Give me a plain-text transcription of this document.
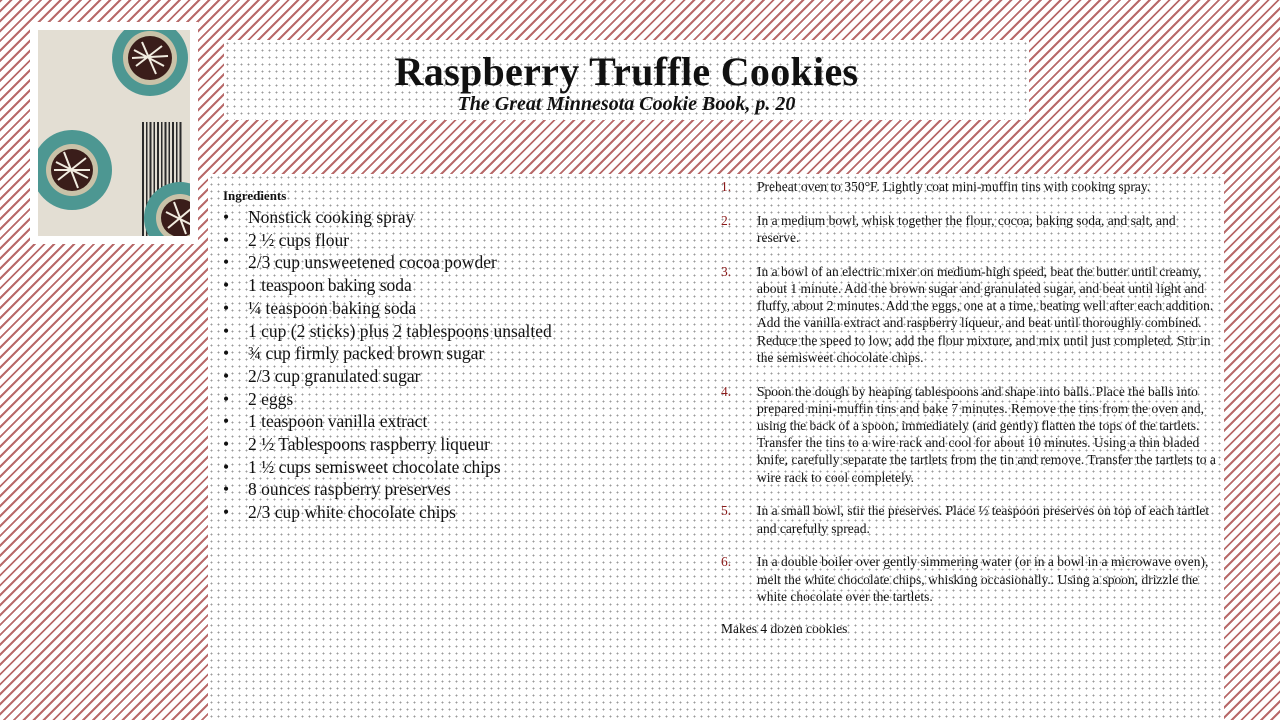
Raspberry Truffle Cookies
The Great Minnesota Cookie Book, p. 20
Ingredients
• Nonstick cooking spray
• 2 ½ cups flour
• 2/3 cup unsweetened cocoa powder
• 1 teaspoon baking soda
• ¼ teaspoon baking soda
• 1 cup (2 sticks) plus 2 tablespoons unsalted
• ¾ cup firmly packed brown sugar
• 2/3 cup granulated sugar
• 2 eggs
• 1 teaspoon vanilla extract
• 2 ½ Tablespoons raspberry liqueur
• 1 ½ cups semisweet chocolate chips
• 8 ounces raspberry preserves
• 2/3 cup white chocolate chips
1. Preheat oven to 350°F. Lightly coat mini-muffin tins with cooking spray.
2. In a medium bowl, whisk together the flour, cocoa, baking soda, and salt, and reserve.
3. In a bowl of an electric mixer on medium-high speed, beat the butter until creamy, about 1 minute. Add the brown sugar and granulated sugar, and beat until light and fluffy, about 2 minutes. Add the eggs, one at a time, beating well after each addition. Add the vanilla extract and raspberry liqueur, and beat until thoroughly combined. Reduce the speed to low, add the flour mixture, and mix until just completed. Stir in the semisweet chocolate chips.
4. Spoon the dough by heaping tablespoons and shape into balls. Place the balls into prepared mini-muffin tins and bake 7 minutes. Remove the tins from the oven and, using the back of a spoon, immediately (and gently) flatten the tops of the tartlets. Transfer the tins to a wire rack and cool for about 10 minutes. Using a thin bladed knife, carefully separate the tartlets from the tin and remove. Transfer the tartlets to a wire rack to cool completely.
5. In a small bowl, stir the preserves. Place ½ teaspoon preserves on top of each tartlet and carefully spread.
6. In a double boiler over gently simmering water (or in a bowl in a microwave oven), melt the white chocolate chips, whisking occasionally.. Using a spoon, drizzle the white chocolate over the tartlets.
Makes 4 dozen cookies
